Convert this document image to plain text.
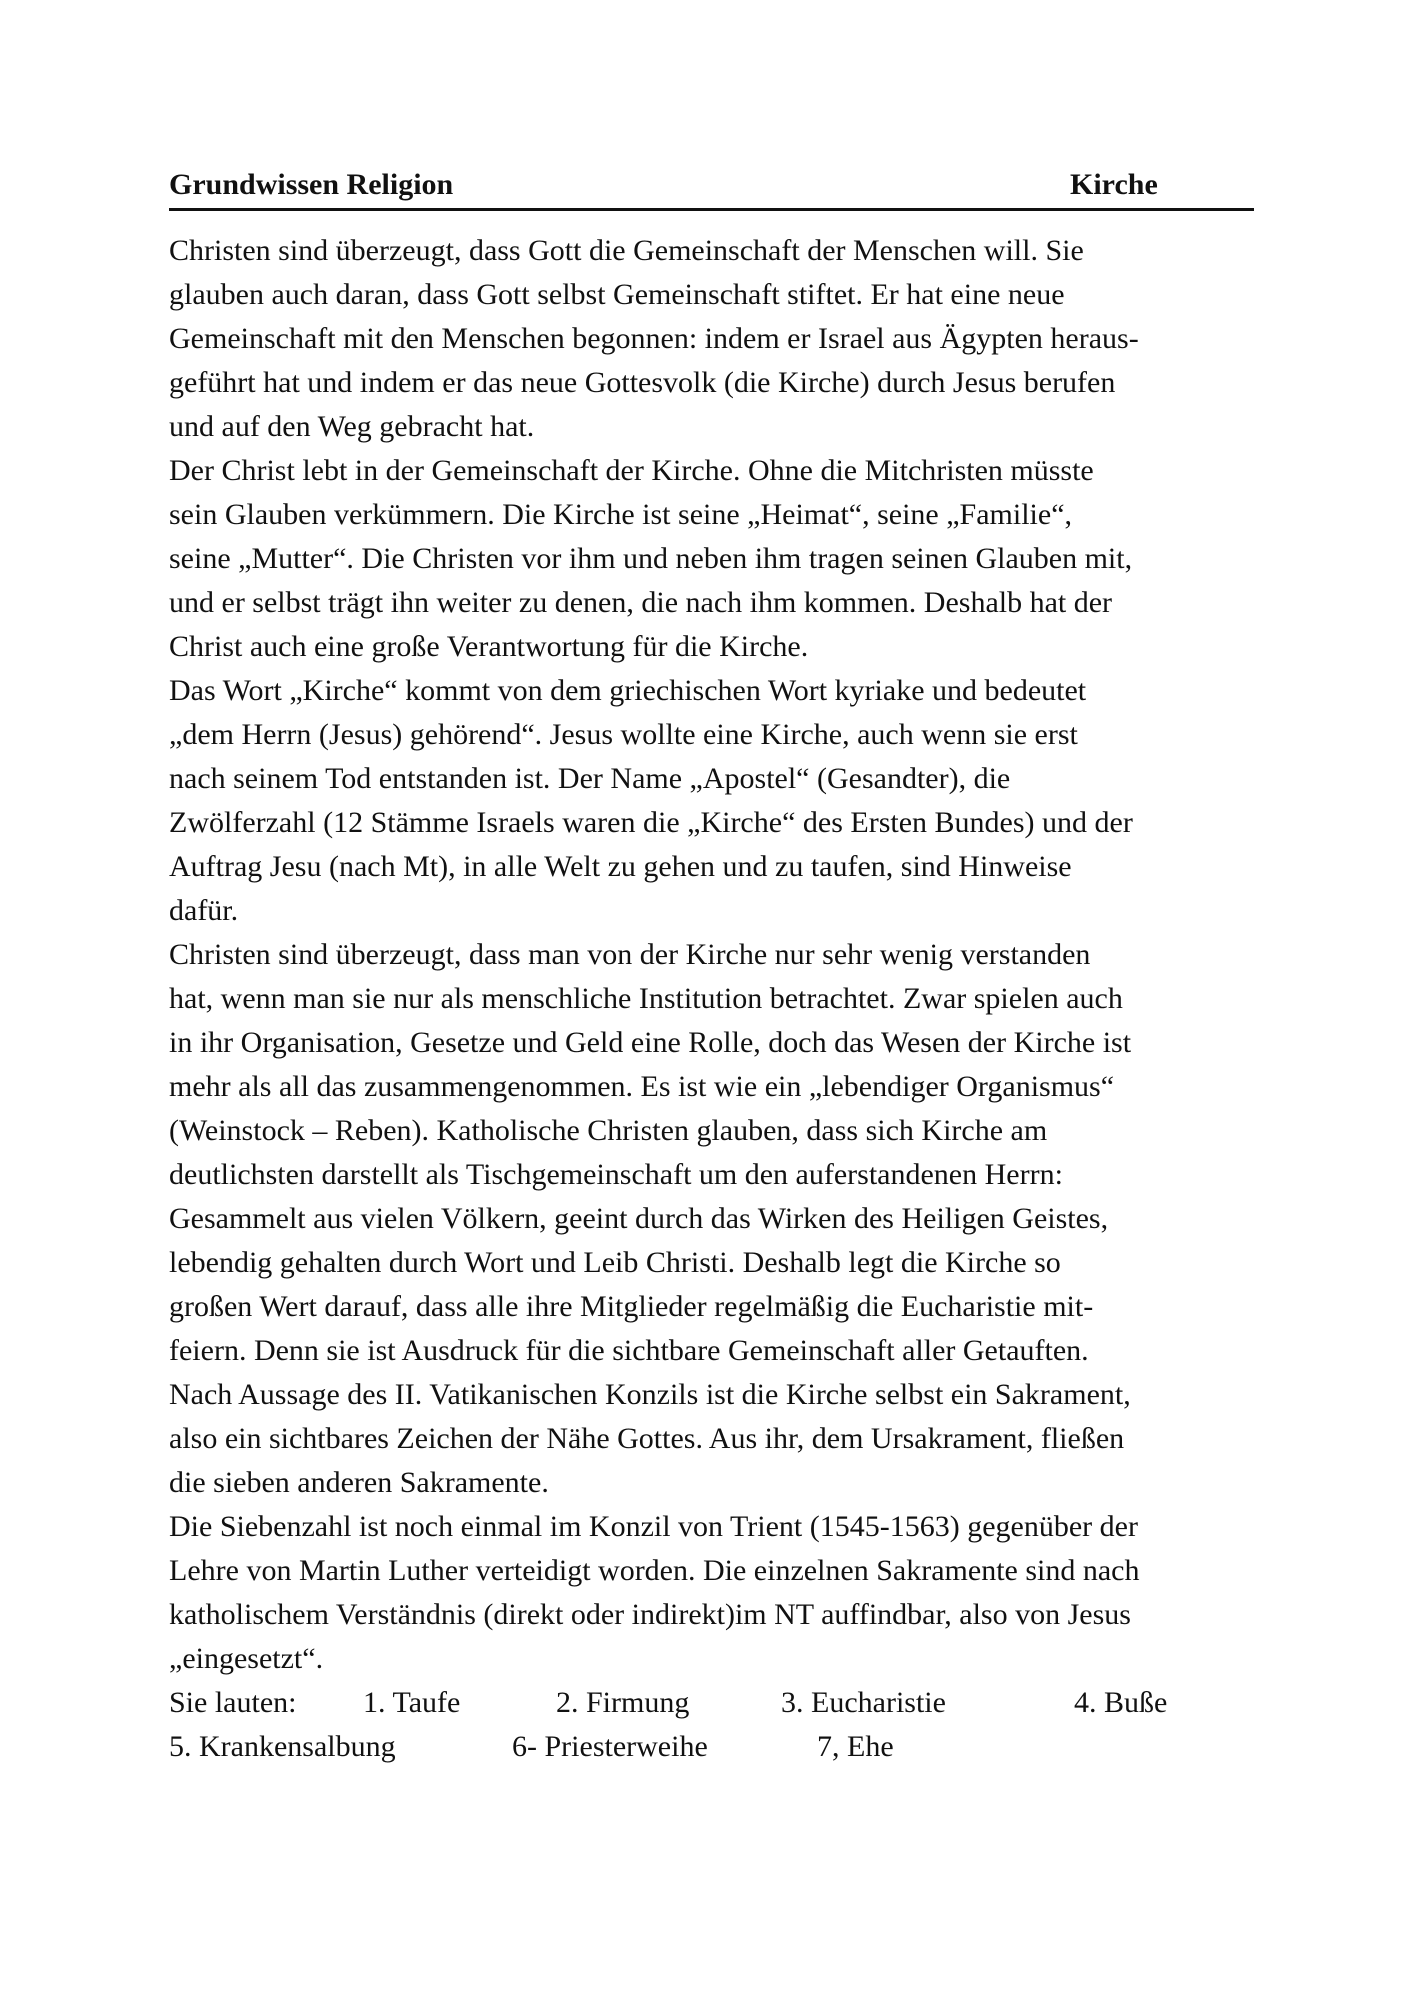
Grundwissen Religion	Kirche
Christen sind überzeugt, dass Gott die Gemeinschaft der Menschen will. Sie
glauben auch daran, dass Gott selbst Gemeinschaft stiftet. Er hat eine neue
Gemeinschaft mit den Menschen begonnen: indem er Israel aus Ägypten heraus-
geführt hat und indem er das neue Gottesvolk (die Kirche) durch Jesus berufen
und auf den Weg gebracht hat.
Der Christ lebt in der Gemeinschaft der Kirche. Ohne die Mitchristen müsste
sein Glauben verkümmern. Die Kirche ist seine „Heimat“, seine „Familie“,
seine „Mutter“. Die Christen vor ihm und neben ihm tragen seinen Glauben mit,
und er selbst trägt ihn weiter zu denen, die nach ihm kommen. Deshalb hat der
Christ auch eine große Verantwortung für die Kirche.
Das Wort „Kirche“ kommt von dem griechischen Wort kyriake und bedeutet
„dem Herrn (Jesus) gehörend“. Jesus wollte eine Kirche, auch wenn sie erst
nach seinem Tod entstanden ist. Der Name „Apostel“ (Gesandter), die
Zwölferzahl (12 Stämme Israels waren die „Kirche“ des Ersten Bundes) und der
Auftrag Jesu (nach Mt), in alle Welt zu gehen und zu taufen, sind Hinweise
dafür.
Christen sind überzeugt, dass man von der Kirche nur sehr wenig verstanden
hat, wenn man sie nur als menschliche Institution betrachtet. Zwar spielen auch
in ihr Organisation, Gesetze und Geld eine Rolle, doch das Wesen der Kirche ist
mehr als all das zusammengenommen. Es ist wie ein „lebendiger Organismus“
(Weinstock – Reben). Katholische Christen glauben, dass sich Kirche am
deutlichsten darstellt als Tischgemeinschaft um den auferstandenen Herrn:
Gesammelt aus vielen Völkern, geeint durch das Wirken des Heiligen Geistes,
lebendig gehalten durch Wort und Leib Christi. Deshalb legt die Kirche so
großen Wert darauf, dass alle ihre Mitglieder regelmäßig die Eucharistie mit-
feiern. Denn sie ist Ausdruck für die sichtbare Gemeinschaft aller Getauften.
Nach Aussage des II. Vatikanischen Konzils ist die Kirche selbst ein Sakrament,
also ein sichtbares Zeichen der Nähe Gottes. Aus ihr, dem Ursakrament, fließen
die sieben anderen Sakramente.
Die Siebenzahl ist noch einmal im Konzil von Trient (1545-1563) gegenüber der
Lehre von Martin Luther verteidigt worden. Die einzelnen Sakramente sind nach
katholischem Verständnis (direkt oder indirekt)im NT auffindbar, also von Jesus
„eingesetzt“.
Sie lauten: 1. Taufe	2. Firmung	3. Eucharistie	4. Buße
5. Krankensalbung	6- Priesterweihe	7, Ehe
